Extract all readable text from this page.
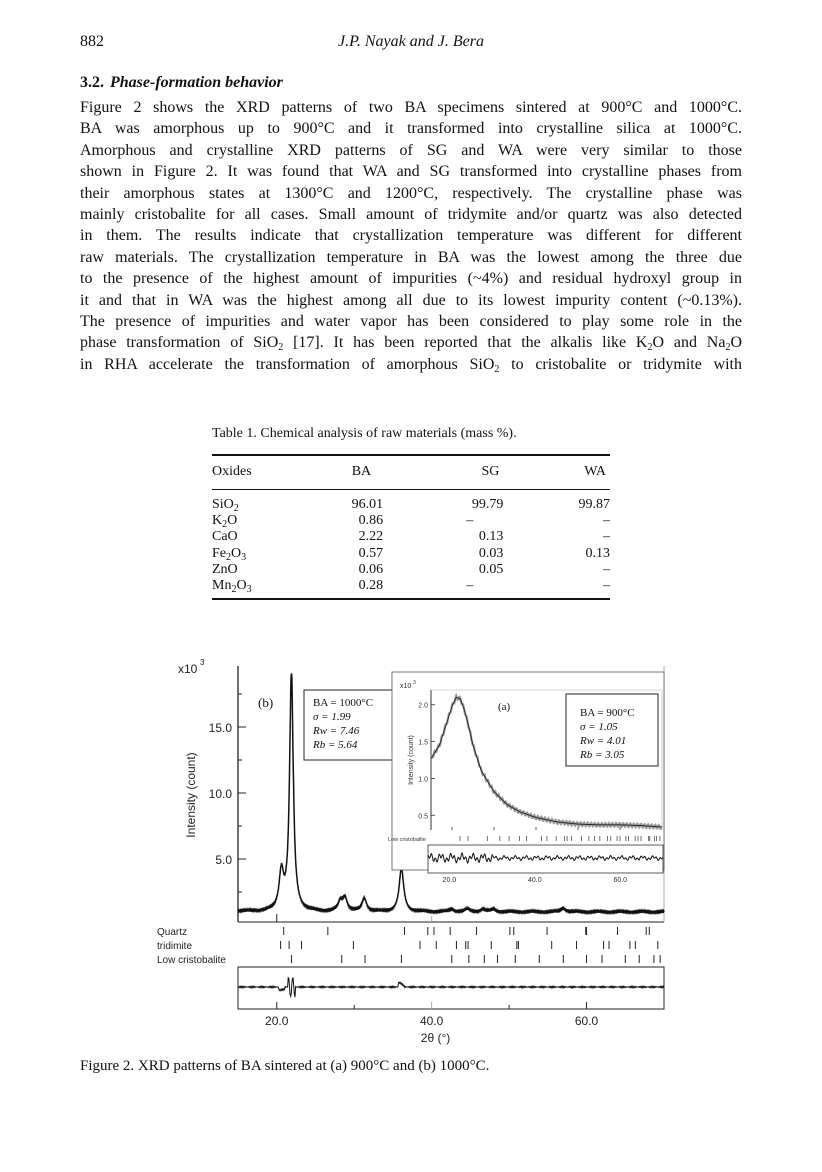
882	J.P. Nayak and J. Bera
3.2. Phase-formation behavior

Figure 2 shows the XRD patterns of two BA specimens sintered at 900°C and 1000°C.

BA was amorphous up to 900°C and it transformed into crystalline silica at 1000°C.

Amorphous and crystalline XRD patterns of SG and WA were very similar to those

shown in Figure 2. It was found that WA and SG transformed into crystalline phases from

their amorphous states at 1300°C and 1200°C, respectively. The crystalline phase was

mainly cristobalite for all cases. Small amount of tridymite and/or quartz was also detected

in them. The results indicate that crystallization temperature was different for different

raw materials. The crystallization temperature in BA was the lowest among the three due

to the presence of the highest amount of impurities (~4%) and residual hydroxyl group in

it and that in WA was the highest among all due to its lowest impurity content (~0.13%).

The presence of impurities and water vapor has been considered to play some role in the

phase transformation of SiO$_2$ [17]. It has been reported that the alkalis like $K_2O$ and $Na_2O$

in RHA accelerate the transformation of amorphous SiO$_2$ to cristobalite or tridymite with

Table 1. Chemical analysis of raw materials (mass %).
Oxides	BA	SG	WA
SiO$_2$	96.01	99.79	99.87
$K_2O$	0.86	–	–
CaO	2.22	0.13	–
$Fe_2O_3$	0.57	0.03	0.13
ZnO	0.06	0.05	–
$Mn_2O_3$	0.28	–	–
5.0
10.0
15.0
x10 3
Intensity (count)
(b)	BA = 1000°C
σ = 1.99
Rw = 7.46
Rb = 5.64
Quartz
tridimite
Low cristobalite
20.0	40.0	60.0
2θ (°)
0.5
1.0
1.5
2.0
x10 3
Intensity (count)
(a)	BA = 900°C
σ = 1.05
Rw = 4.01
Rb = 3.05
Low cristobalite
20.0	40.0	60.0
Figure 2. XRD patterns of BA sintered at (a) 900°C and (b) 1000°C.
